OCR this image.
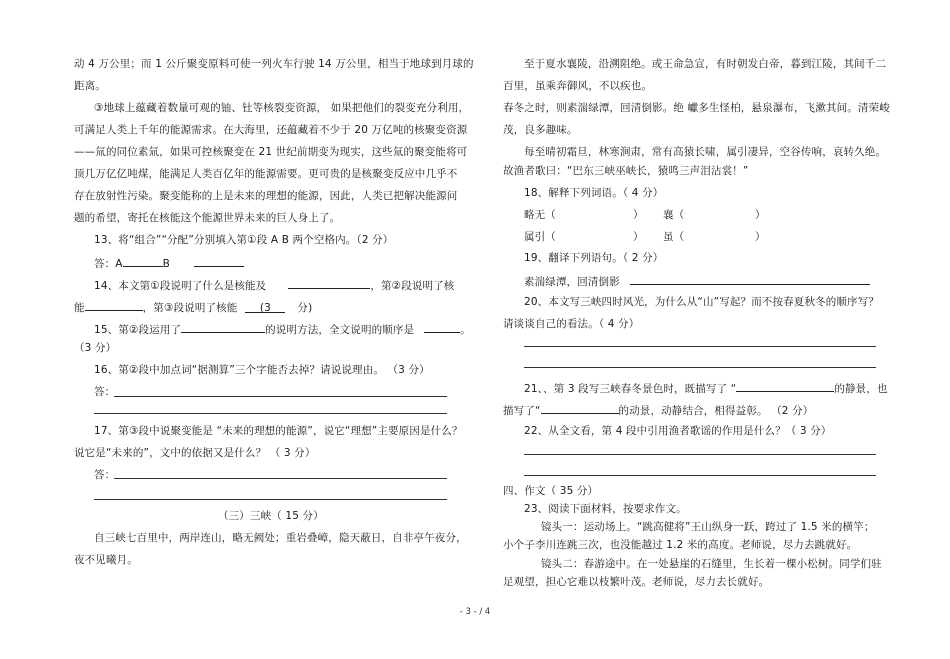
动 4 万公里；而 1 公斤聚变原料可使一列火车行驶 14 万公里，相当于地球到月球的
距离。
③地球上蕴藏着数量可观的铀、钍等核裂变资源， 如果把他们的裂变充分利用，
可满足人类上千年的能源需求。在大海里，还蕴藏着不少于 20 万亿吨的核聚变资源
——氚的同位素氚，如果可控核聚变在 21 世纪前期变为现实，这些氚的聚变能将可
顶几万亿亿吨煤，能满足人类百亿年的能源需要。更可贵的是核聚变反应中几乎不
存在放射性污染。聚变能称的上是未来的理想的能源，因此，人类已把解决能源问
题的希望，寄托在核能这个能源世界未来的巨人身上了。
13、将“组合”“分配”分别填入第①段 A B 两个空格内。（2 分）
答：A	B
14、本文第①段说明了什么是核能及	，第②段说明了核
能	，第③段说明了核能 (3	分)
15、第②段运用了	的说明方法，全文说明的顺序是	。
（3 分）
16、第②段中加点词“据测算”三个字能否去掉？请说说理由。 （3 分）
答：
17、第③段中说聚变能是 “未来的理想的能源”，说它“理想”主要原因是什么？
说它是“未来的”，文中的依据又是什么？ （ 3 分）
答：
（三）三峡（ 15 分）
自三峡七百里中，两岸连山，略无阙处；重岩叠嶂，隐天蔽日，自非亭午夜分，
夜不见曦月。
至于夏水襄陵，沿溯阻绝。或王命急宣，有时朝发白帝，暮到江陵，其间千二
百里，虽乘奔御风，不以疾也。
春冬之时，则素湍绿潭，回清倒影。绝 巘多生怪柏，悬泉瀑布，飞漱其间。清荣峻
茂，良多趣味。
每至晴初霜旦，林寒涧肃，常有高猿长啸，属引凄异，空谷传响，哀转久绝。
故渔者歌曰：“巴东三峡巫峡长，猿鸣三声泪沾裳！”
18、解释下列词语。（ 4 分）
略无（	） 襄（	）
属引（	） 虽（	）
19、翻译下列语句。（ 2 分）
素湍绿潭，回清倒影
20、本文写三峡四时风光，为什么从“山”写起？而不按春夏秋冬的顺序写？
请谈谈自己的看法。（ 4 分）
21、、第 3 段写三峡春冬景色时，既描写了 “	的静景，也
描写了“	的动景，动静结合，相得益彰。 （2 分）
22、从全文看，第 4 段中引用渔者歌谣的作用是什么？（ 3 分）
四、作文（ 35 分）
23、阅读下面材料，按要求作文。
镜头一：运动场上。“跳高健将”王山纵身一跃，跨过了 1.5 米的横竿；
小个子李川连跳三次，也没能越过 1.2 米的高度。老师说，尽力去跳就好。
镜头二：春游途中。在一处悬崖的石缝里，生长着一棵小松树。同学们驻
足观望，担心它难以枝繁叶茂。老师说，尽力去长就好。
- 3 - / 4
